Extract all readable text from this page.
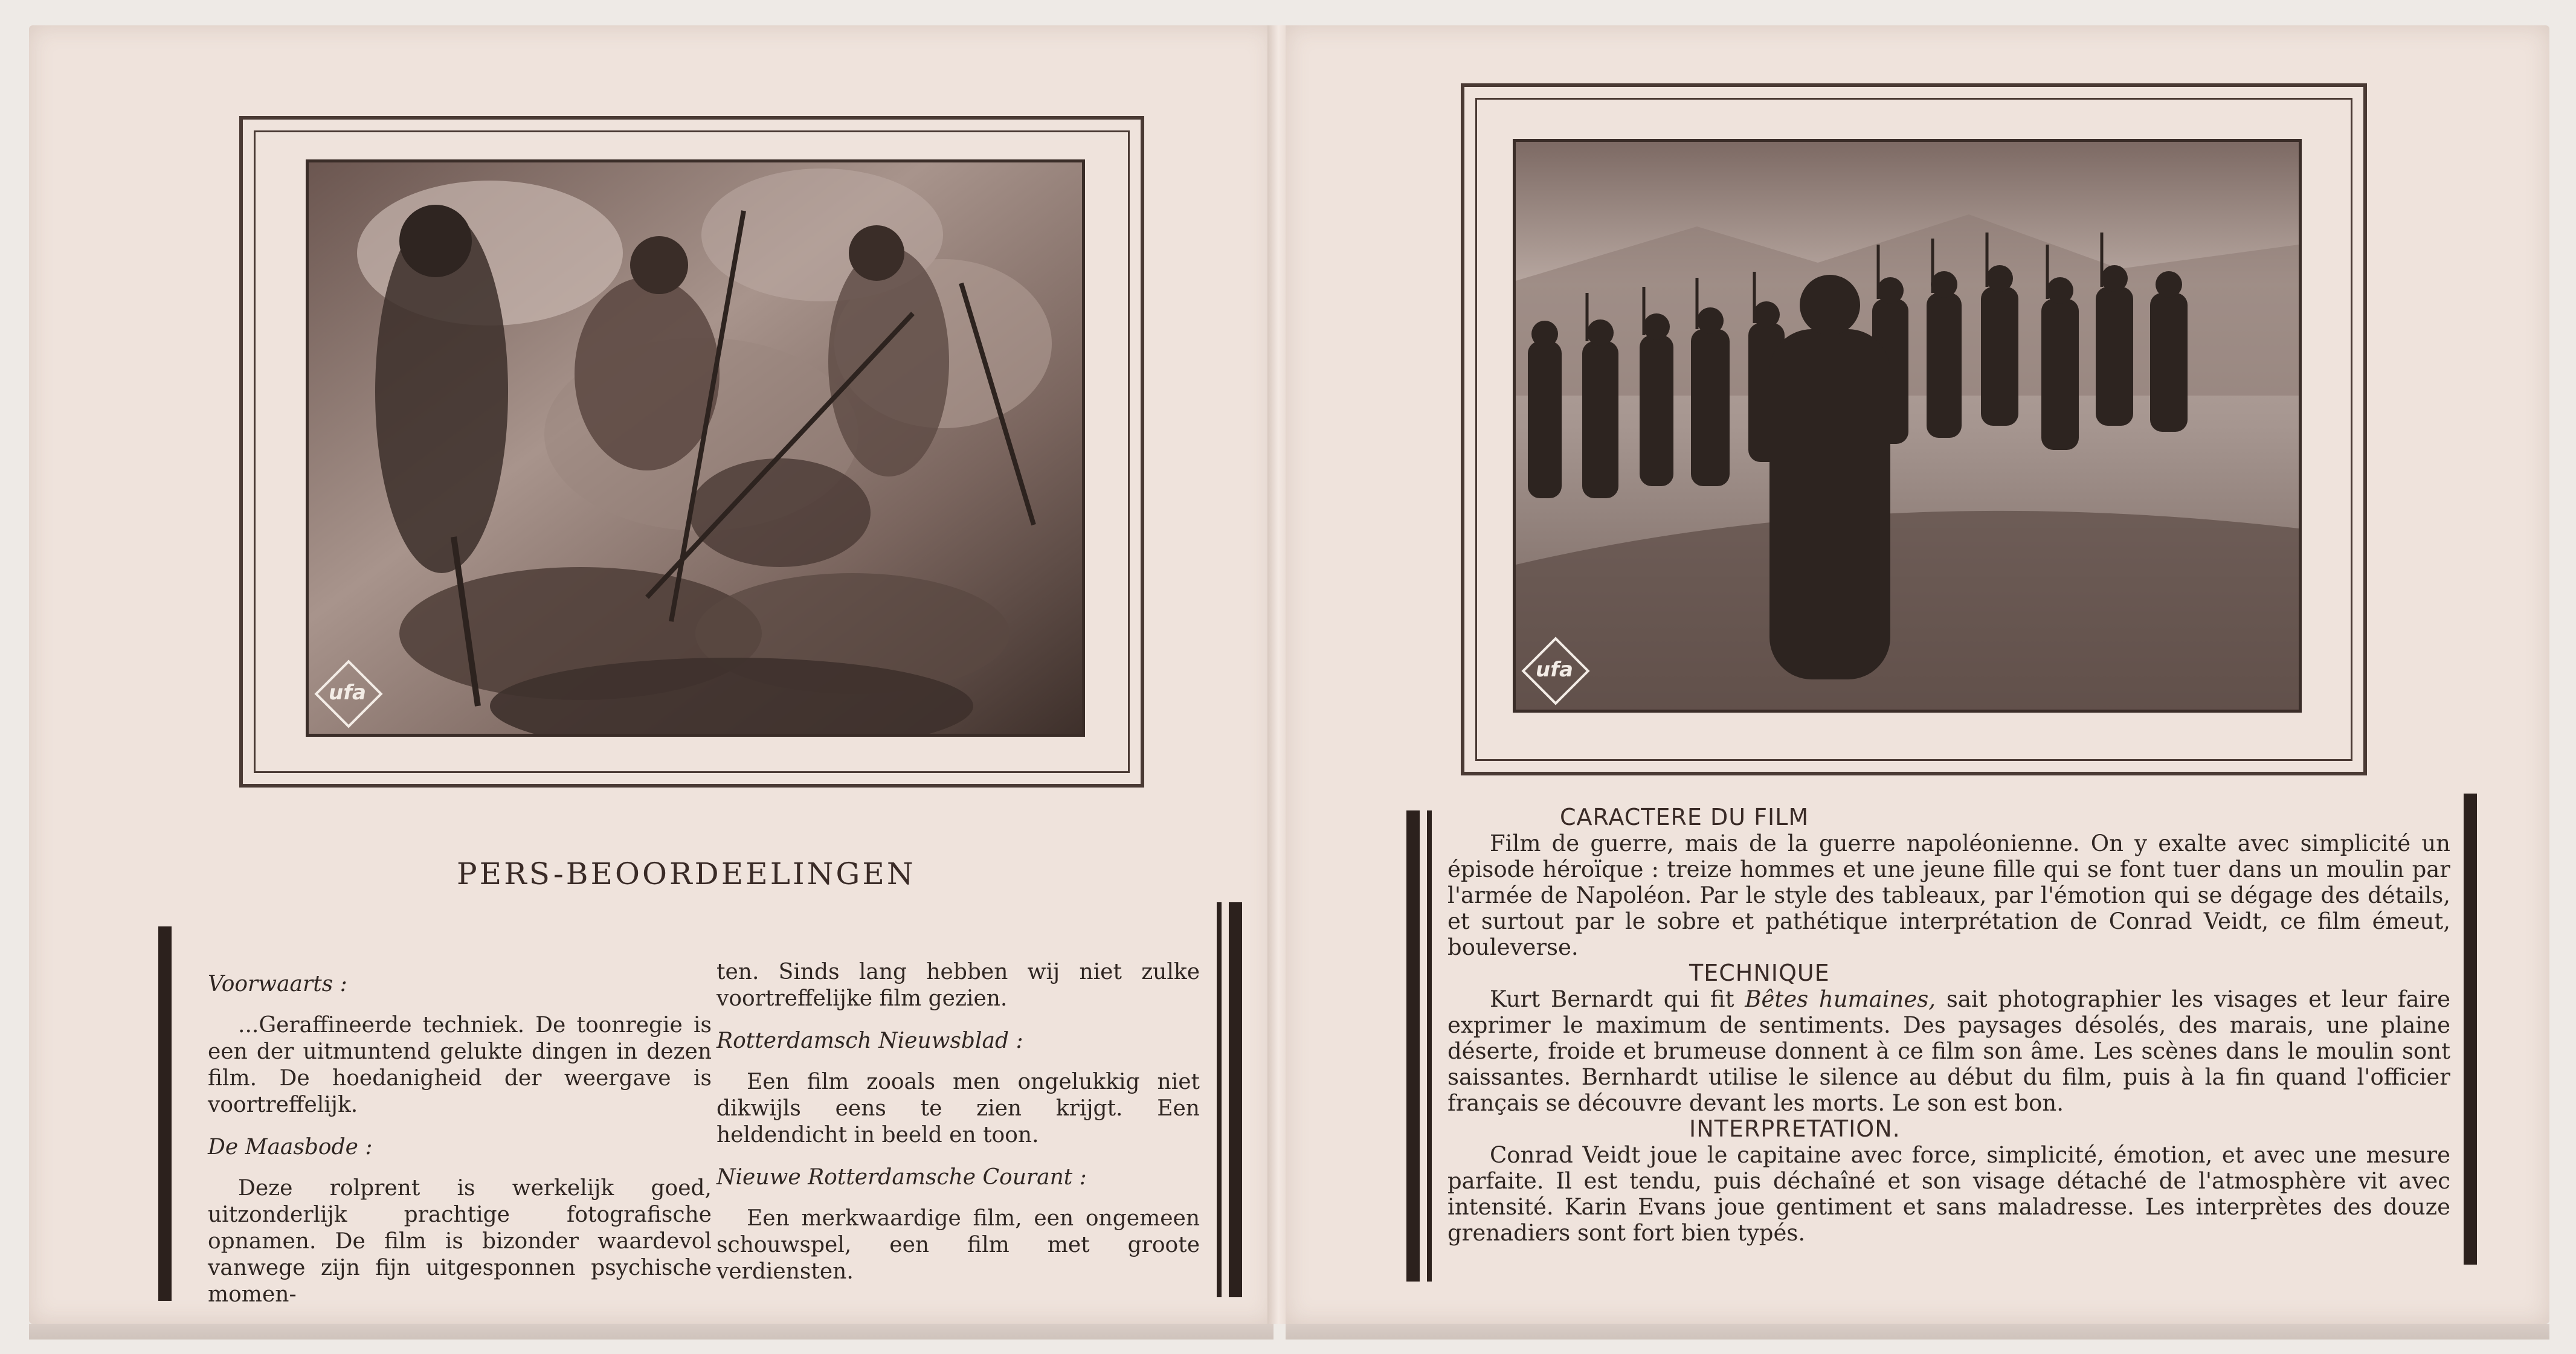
ufa
PERS-BEOORDEELINGEN

Voorwaarts :

...Geraffineerde techniek. De toonregie is een der uitmuntend gelukte dingen in dezen film. De hoedanigheid der weergave is voortreffelijk.

De Maasbode :

Deze rolprent is werkelijk goed, uitzonderlijk prachtige fotografische opnamen. De film is bizonder waardevol vanwege zijn fijn uitgesponnen psychische momen-

ten. Sinds lang hebben wij niet zulke voortreffelijke film gezien.

Rotterdamsch Nieuwsblad :

Een film zooals men ongelukkig niet dikwijls eens te zien krijgt. Een heldendicht in beeld en toon.

Nieuwe Rotterdamsche Courant :

Een merkwaardige film, een ongemeen schouwspel, een film met groote verdiensten.

ufa
CARACTERE DU FILM

Film de guerre, mais de la guerre napoléonienne. On y exalte avec simplicité un épisode héroïque : treize hommes et une jeune fille qui se font tuer dans un moulin par l'armée de Napoléon. Par le style des tableaux, par l'émotion qui se dégage des détails, et surtout par le sobre et pathétique interprétation de Conrad Veidt, ce film émeut, bouleverse.

TECHNIQUE

Kurt Bernardt qui fit Bêtes humaines, sait photographier les visages et leur faire exprimer le maximum de sentiments. Des paysages désolés, des marais, une plaine déserte, froide et brumeuse donnent à ce film son âme. Les scènes dans le moulin sont saissantes. Bernhardt utilise le silence au début du film, puis à la fin quand l'officier français se découvre devant les morts. Le son est bon.

INTERPRETATION.

Conrad Veidt joue le capitaine avec force, simplicité, émotion, et avec une mesure parfaite. Il est tendu, puis déchaîné et son visage détaché de l'atmosphère vit avec intensité. Karin Evans joue gentiment et sans maladresse. Les interprètes des douze grenadiers sont fort bien typés.
